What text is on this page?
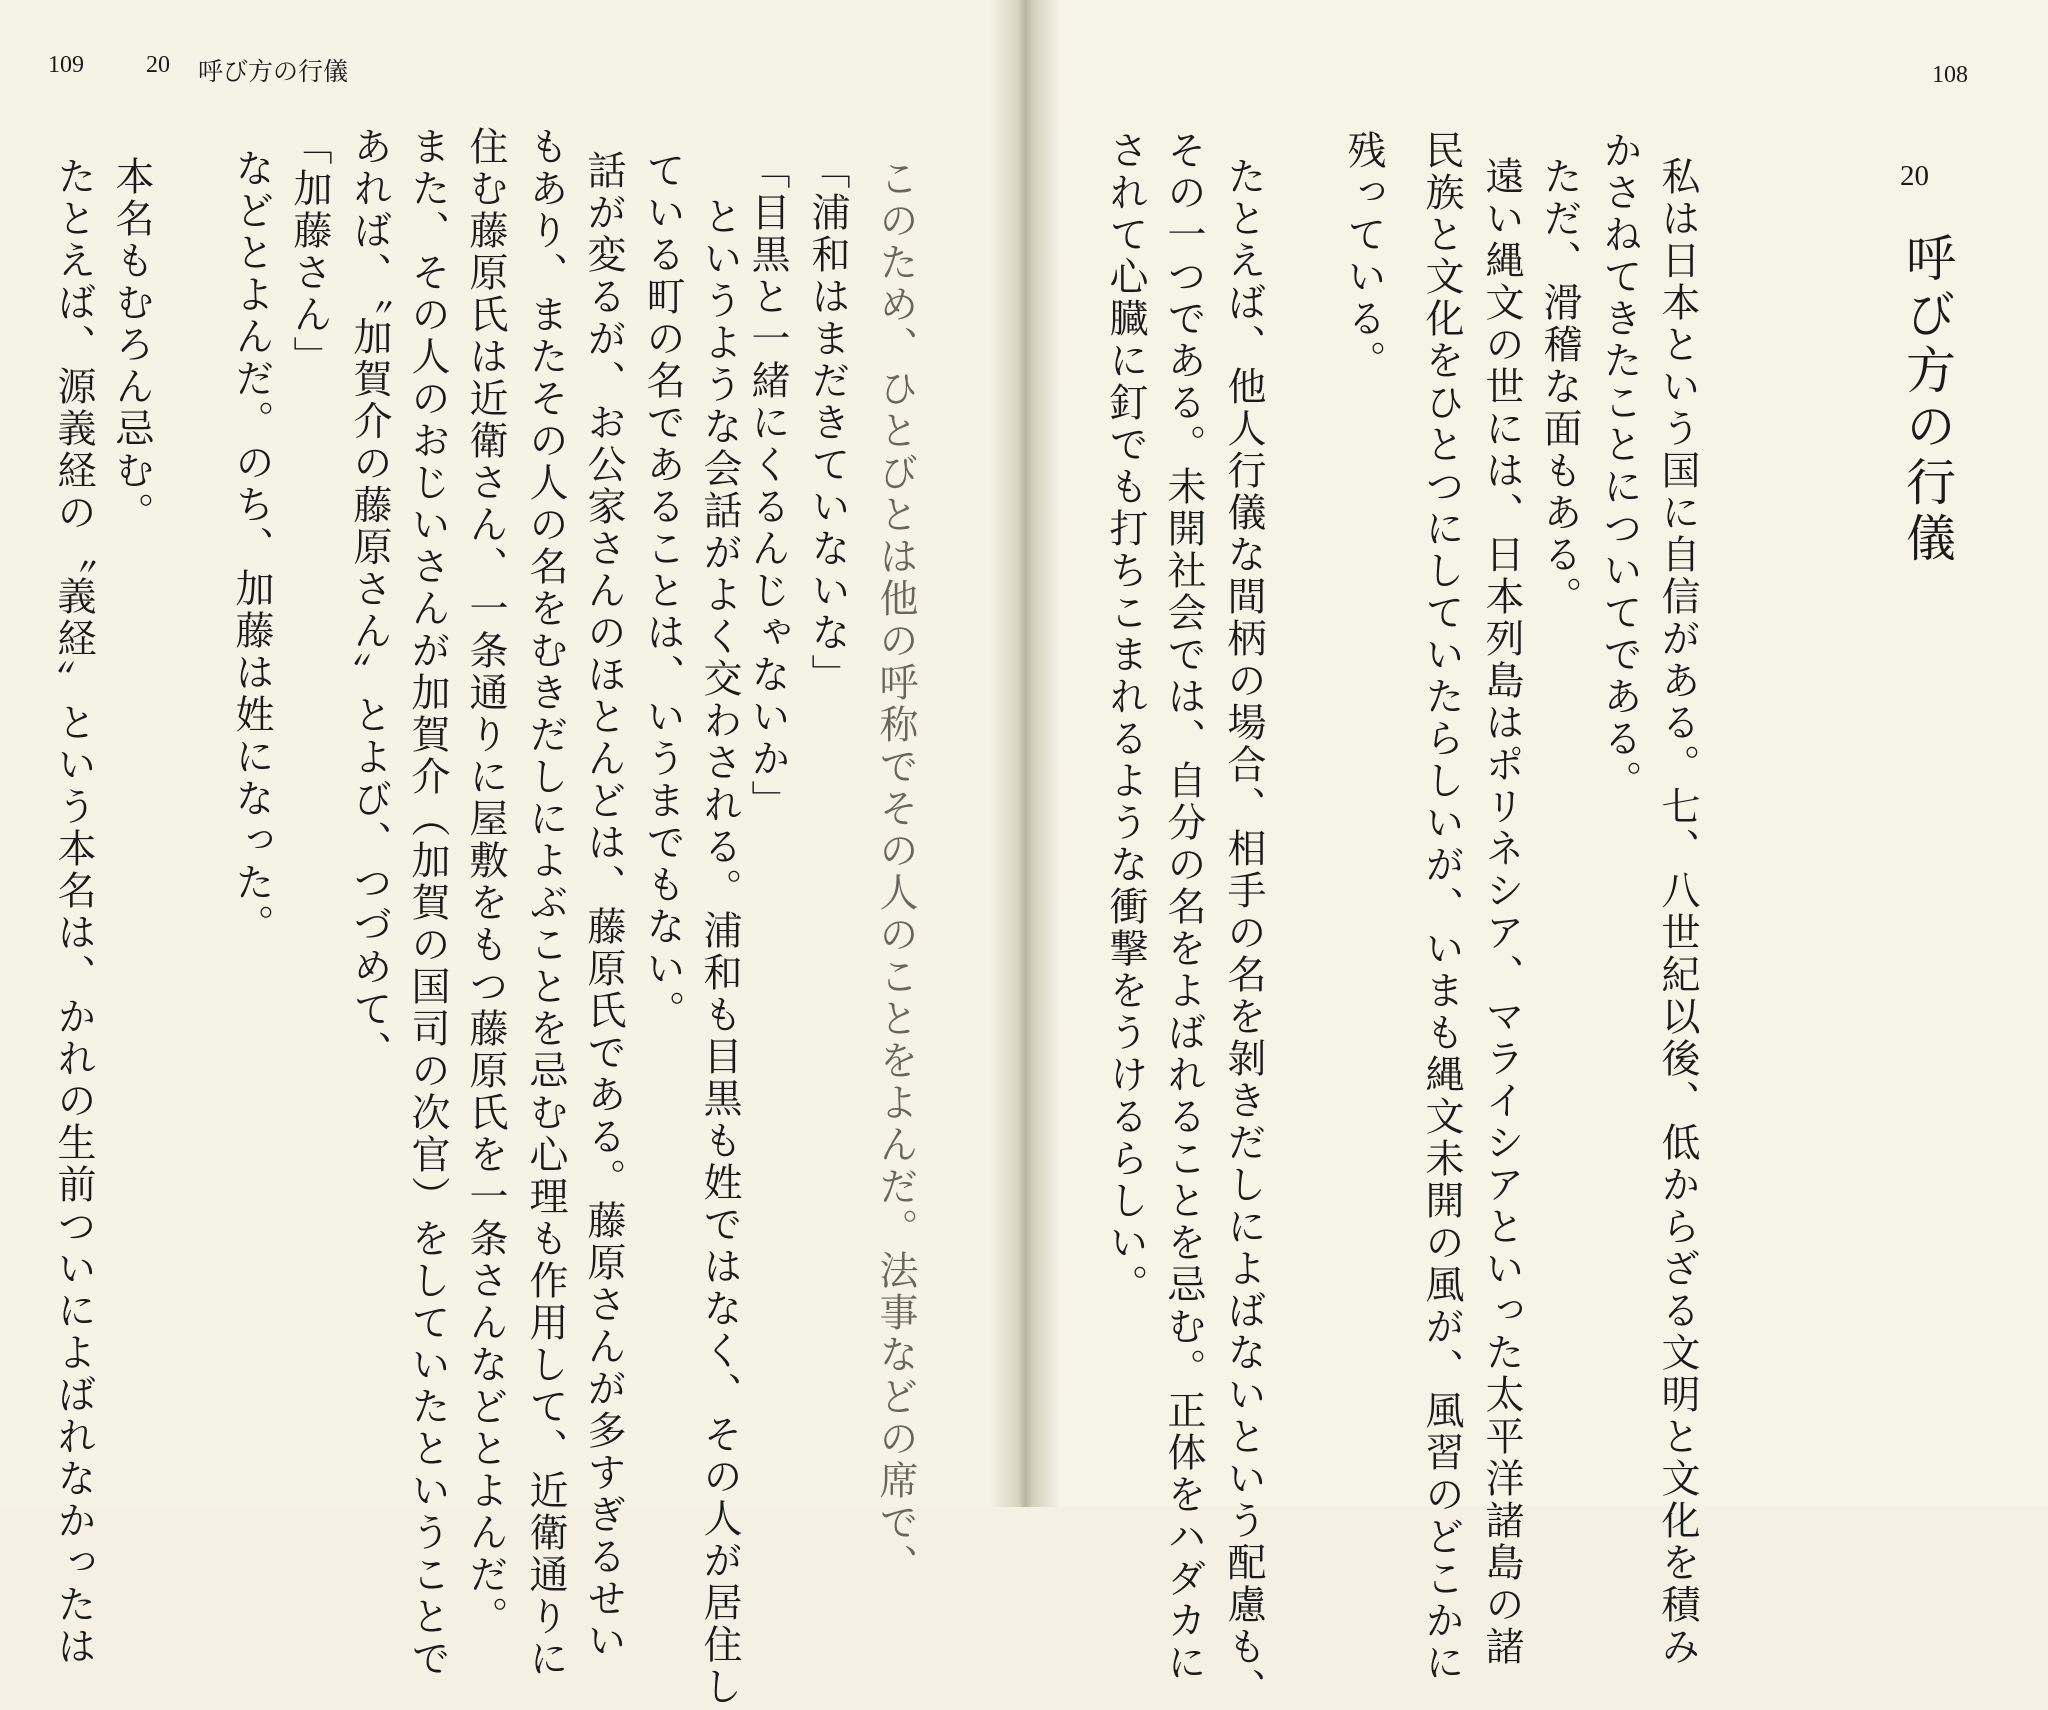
109	20 呼び方の行儀
このため、ひとびとは他の呼称でその人のことをよんだ。法事などの席で、
「浦和はまだきていないな」
「目黒と一緒にくるんじゃないか」
というような会話がよく交わされる。浦和も目黒も姓ではなく、その人が居住し
ている町の名であることは、いうまでもない。
話が変るが、お公家さんのほとんどは、藤原氏である。藤原さんが多すぎるせい
もあり、またその人の名をむきだしによぶことを忌む心理も作用して、近衛通りに
住む藤原氏は近衛さん、一条通りに屋敷をもつ藤原氏を一条さんなどとよんだ。
また、その人のおじいさんが加賀介（加賀の国司の次官）をしていたということで
あれば、〝加賀介の藤原さん〟とよび、つづめて、
「加藤さん」
などとよんだ。のち、加藤は姓になった。
本名もむろん忌む。
たとえば、源義経の〝義経〟という本名は、かれの生前ついによばれなかったは
108
20
呼び方の行儀
私は日本という国に自信がある。七、八世紀以後、低からざる文明と文化を積み
かさねてきたことについてである。
ただ、滑稽な面もある。
遠い縄文の世には、日本列島はポリネシア、マライシアといった太平洋諸島の諸
民族と文化をひとつにしていたらしいが、いまも縄文未開の風が、風習のどこかに
残っている。
たとえば、他人行儀な間柄の場合、相手の名を剝きだしによばないという配慮も、
その一つである。未開社会では、自分の名をよばれることを忌む。正体をハダカに
されて心臓に釘でも打ちこまれるような衝撃をうけるらしい。
